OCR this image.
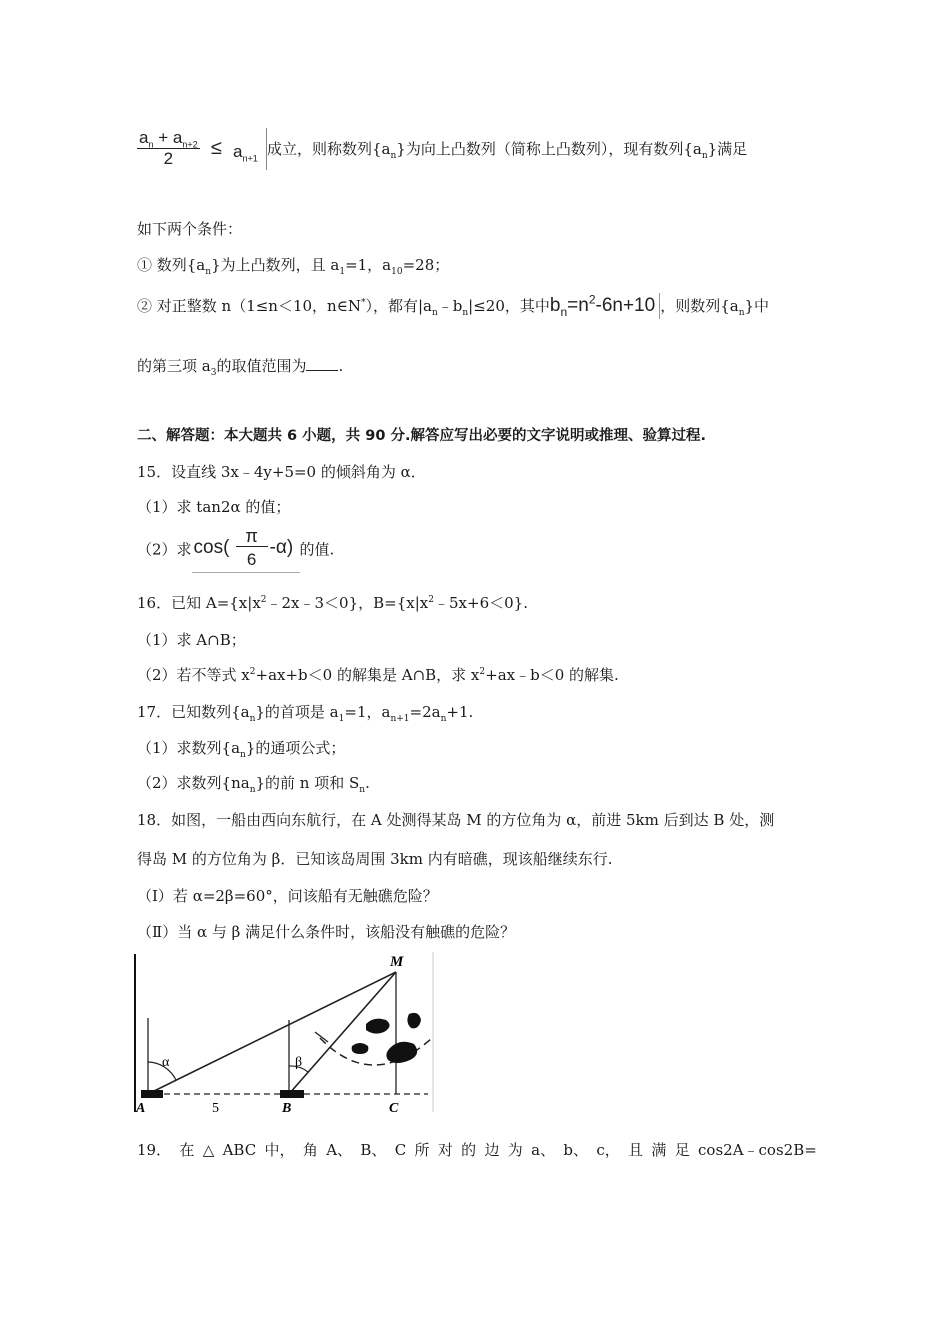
$\frac{a_n + a_{n+2}}{2} \le a_{n+1}$
成立，则称数列$\{a_n\}$为向上凸数列（简称上凸数列），现有数列$\{a_n\}$满足
如下两个条件：
① 数列$\{a_n\}$为上凸数列，且 $a_1=1$，$a_{10}=28$；
② 对正整数 n（1≤n＜10，n∈N*），都有$|a_n﹣b_n|\le 20$，其中$b_n=n^2-6n+10$ ，则数列$\{a_n\}$中
的第三项 $a_3$的取值范围为 .
二、解答题：本大题共 6 小题，共 90 分.解答应写出必要的文字说明或推理、验算过程.
15．设直线 3x﹣4y+5=0 的倾斜角为 α．
（1）求 tan2α 的值；
（2）求 cos(
π
6
-α) 的值.
16．已知 $A=\{x|x^2﹣2x﹣3<0\}$，$B=\{x|x^2﹣5x+6<0\}$.
（1）求 A∩B；
（2）若不等式 $x^2+ax+b<0$ 的解集是 A∩B，求 $x^2+ax﹣b<0$ 的解集.
17．已知数列$\{a_n\}$的首项是 $a_1=1$，$a_{n+1}=2a_n+1$.
（1）求数列$\{a_n\}$的通项公式；
（2）求数列$\{na_n\}$的前 n 项和 $S_n$.
18．如图，一船由西向东航行，在 A 处测得某岛 M 的方位角为 α，前进 5km 后到达 B 处，测
得岛 M 的方位角为 β．已知该岛周围 3km 内有暗礁，现该船继续东行.
（Ⅰ）若 α=2β=60°，问该船有无触礁危险？
（Ⅱ）当 α 与 β 满足什么条件时，该船没有触礁的危险？
M
A	B	C
α	β
5
19． 在 △ ABC 中， 角 A、 B、 C 所 对 的 边 为 a、 b、 c， 且 满 足 cos2A﹣cos2B=
